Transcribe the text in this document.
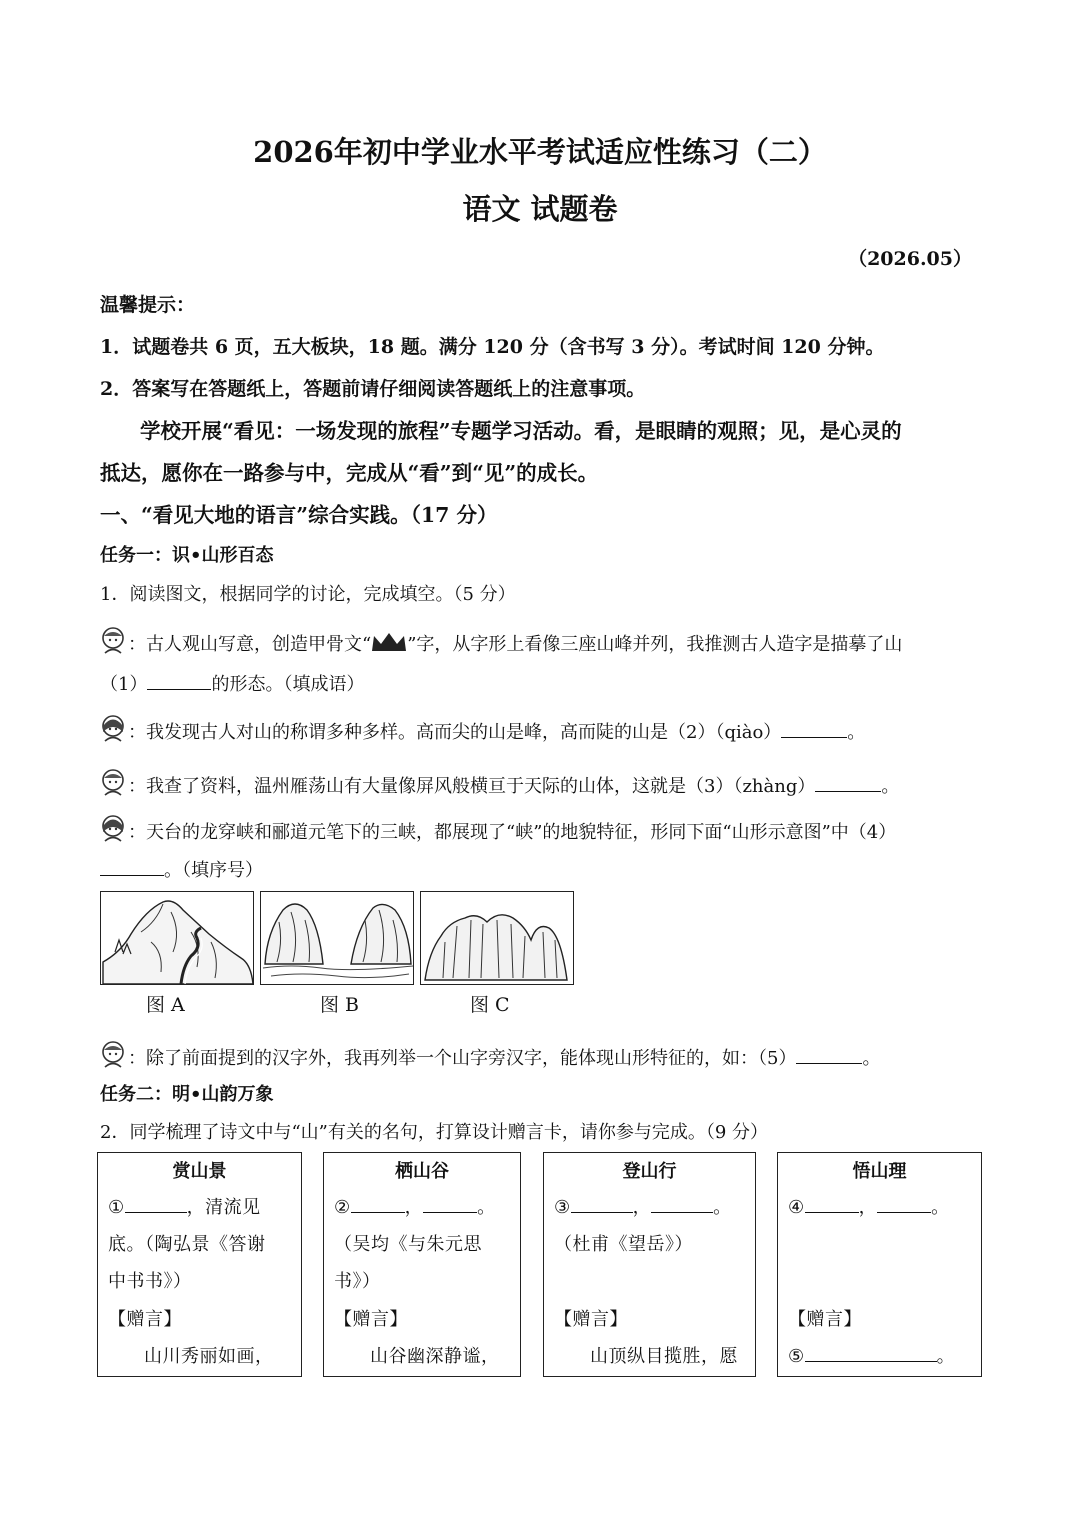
2026年初中学业水平考试适应性练习（二）
语文 试题卷
（2026.05）
温馨提示：
1．试题卷共 6 页，五大板块，18 题。满分 120 分（含书写 3 分）。考试时间 120 分钟。
2．答案写在答题纸上，答题前请仔细阅读答题纸上的注意事项。
学校开展“看见：一场发现的旅程”专题学习活动。看，是眼睛的观照；见，是心灵的
抵达，愿你在一路参与中，完成从“看”到“见”的成长。
一、“看见大地的语言”综合实践。（17 分）
任务一：识•山形百态
1．阅读图文，根据同学的讨论，完成填空。（5 分）
：古人观山写意，创造甲骨文“ ”字，从字形上看像三座山峰并列，我推测古人造字是描摹了山
（1）	的形态。（填成语）
：我发现古人对山的称谓多种多样。高而尖的山是峰，高而陡的山是（2）（qiào）	。
：我查了资料，温州雁荡山有大量像屏风般横亘于天际的山体，这就是（3）（zhàng）	。
：天台的龙穿峡和郦道元笔下的三峡，都展现了“峡”的地貌特征，形同下面“山形示意图”中（4）
。（填序号）
图 A	图 B	图 C
：除了前面提到的汉字外，我再列举一个山字旁汉字，能体现山形特征的，如：（5）	。
任务二：明•山韵万象
2．同学梳理了诗文中与“山”有关的名句，打算设计赠言卡，请你参与完成。（9 分）
赏山景
①	，清流见
底。（陶弘景《答谢
中书书》）
【赠言】
山川秀丽如画，
栖山谷
②	，	。
（吴均《与朱元思
书》）
【赠言】
山谷幽深静谧，
登山行
③	，	。
（杜甫《望岳》）
【赠言】
山顶纵目揽胜，愿
悟山理
④	，	。
【赠言】
⑤	。
